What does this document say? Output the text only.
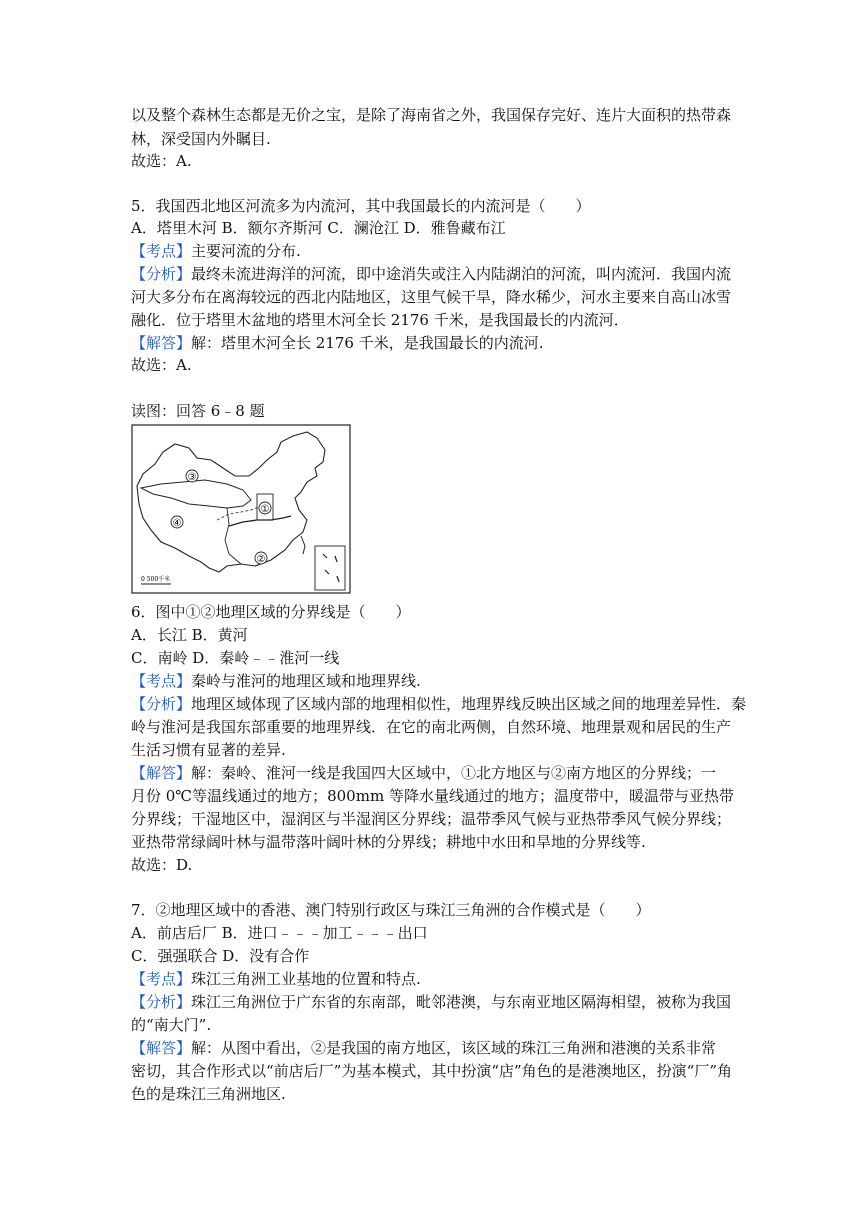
以及整个森林生态都是无价之宝，是除了海南省之外，我国保存完好、连片大面积的热带森
林，深受国内外瞩目.
故选：A.
5．我国西北地区河流多为内流河，其中我国最长的内流河是（　　）
A．塔里木河 B．额尔齐斯河 C．澜沧江 D．雅鲁藏布江
【考点】主要河流的分布.
【分析】最终未流进海洋的河流，即中途消失或注入内陆湖泊的河流，叫内流河．我国内流
河大多分布在离海较远的西北内陆地区，这里气候干旱，降水稀少，河水主要来自高山冰雪
融化．位于塔里木盆地的塔里木河全长 2176 千米，是我国最长的内流河．
【解答】解：塔里木河全长 2176 千米，是我国最长的内流河.
故选：A.
读图：回答 6﹣8 题
③
④
①
②
0 500千米
6．图中①②地理区域的分界线是（　　）
A．长江 B．黄河
C．南岭 D．秦岭﹣﹣淮河一线
【考点】秦岭与淮河的地理区域和地理界线.
【分析】地理区域体现了区域内部的地理相似性，地理界线反映出区域之间的地理差异性．秦
岭与淮河是我国东部重要的地理界线．在它的南北两侧，自然环境、地理景观和居民的生产
生活习惯有显著的差异.
【解答】解：秦岭、淮河一线是我国四大区域中，①北方地区与②南方地区的分界线；一
月份 0℃等温线通过的地方；800mm 等降水量线通过的地方；温度带中，暖温带与亚热带
分界线；干湿地区中，湿润区与半湿润区分界线；温带季风气候与亚热带季风气候分界线；
亚热带常绿阔叶林与温带落叶阔叶林的分界线；耕地中水田和旱地的分界线等.
故选：D.
7．②地理区域中的香港、澳门特别行政区与珠江三角洲的合作模式是（　　）
A．前店后厂 B．进口﹣﹣﹣加工﹣﹣﹣出口
C．强强联合 D．没有合作
【考点】珠江三角洲工业基地的位置和特点.
【分析】珠江三角洲位于广东省的东南部，毗邻港澳，与东南亚地区隔海相望，被称为我国
的“南大门”.
【解答】解：从图中看出，②是我国的南方地区，该区域的珠江三角洲和港澳的关系非常
密切，其合作形式以“前店后厂”为基本模式，其中扮演“店”角色的是港澳地区，扮演“厂”角
色的是珠江三角洲地区.
